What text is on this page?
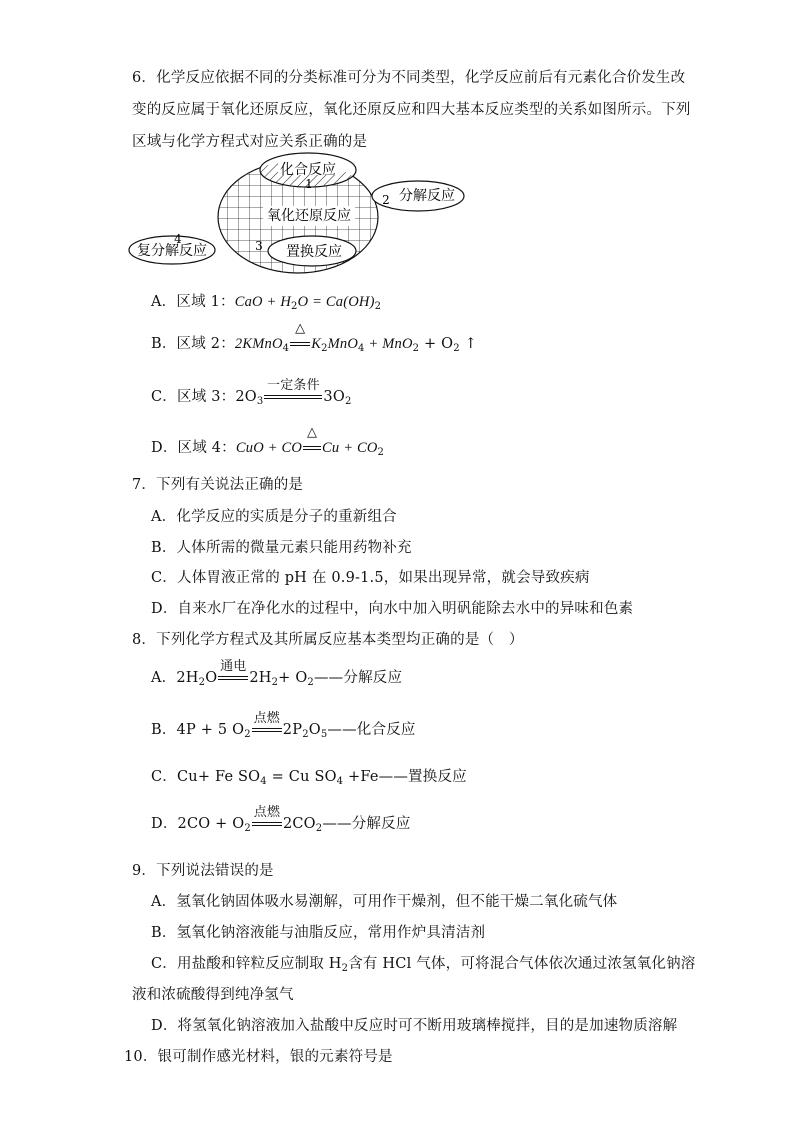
6．化学反应依据不同的分类标准可分为不同类型，化学反应前后有元素化合价发生改
变的反应属于氧化还原反应，氧化还原反应和四大基本反应类型的关系如图所示。下列
区域与化学方程式对应关系正确的是
化合反应
1
氧化还原反应
分解反应
2
复分解反应
4
置换反应
3
A．区域 1：CaO + $H_2O = Ca(OH)_2$
B．区域 2：2KMnO$_4$
△
$K_2MnO_4 + MnO_2 + O_2$ ↑
C．区域 3：$2O_3$
一定条件
$3O_2$
D．区域 4：CuO + CO
△
$Cu + CO_2$
7．下列有关说法正确的是
A．化学反应的实质是分子的重新组合
B．人体所需的微量元素只能用药物补充
C．人体胃液正常的 pH 在 0.9-1.5，如果出现异常，就会导致疾病
D．自来水厂在净化水的过程中，向水中加入明矾能除去水中的异味和色素
8．下列化学方程式及其所属反应基本类型均正确的是（　）
A．$2H_2O$
通电
$2H_2+$ $O_2——$分解反应
B．4P + 5 $O_2$
点燃
$2P_2O_5——$化合反应
C．Cu+ Fe $SO_4 = Cu$ $SO_4$ +Fe——置换反应
D．$2CO + O_2$
点燃
$2CO_2——$分解反应
9．下列说法错误的是
A．氢氧化钠固体吸水易潮解，可用作干燥剂，但不能干燥二氧化硫气体
B．氢氧化钠溶液能与油脂反应，常用作炉具清洁剂
C．用盐酸和锌粒反应制取 $H_2$含有 HCl 气体，可将混合气体依次通过浓氢氧化钠溶
液和浓硫酸得到纯净氢气
D．将氢氧化钠溶液加入盐酸中反应时可不断用玻璃棒搅拌，目的是加速物质溶解
10．银可制作感光材料，银的元素符号是
